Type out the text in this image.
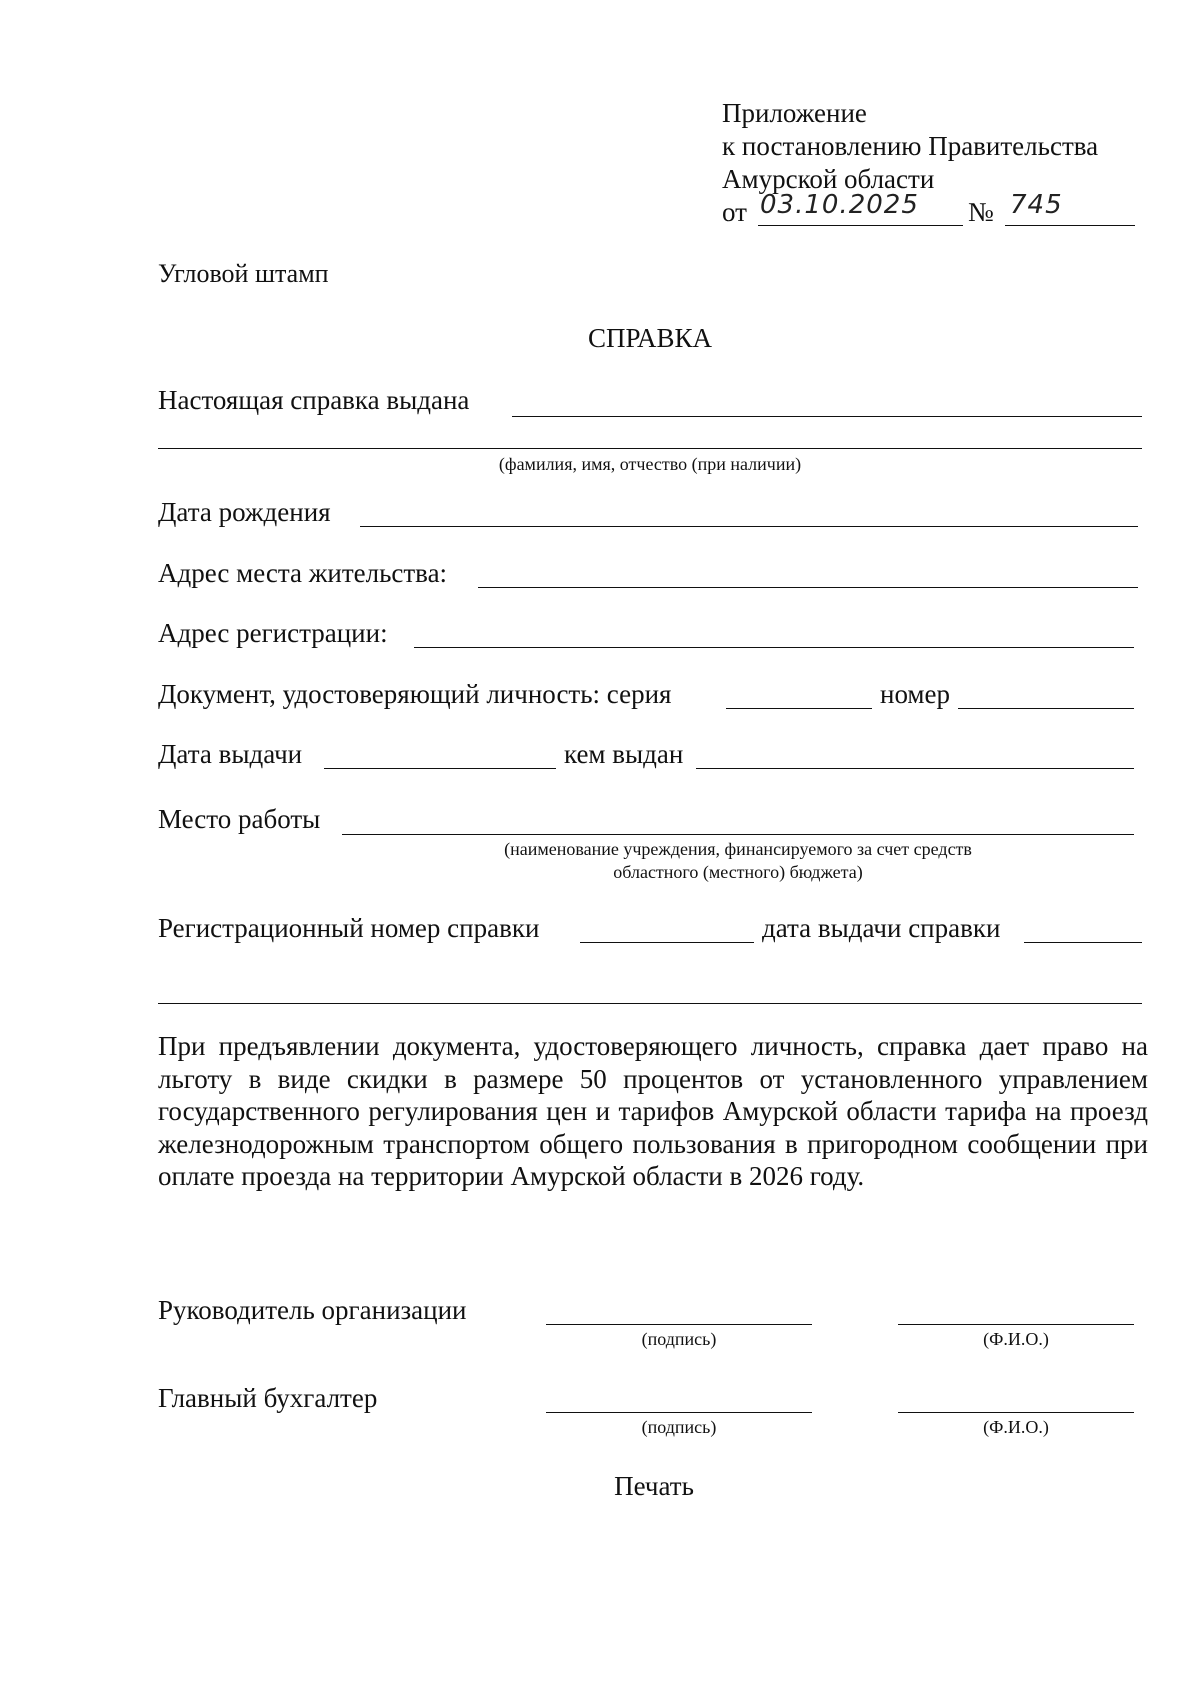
Приложение
к постановлению Правительства
Амурской области
от 03.10.2025 № 745
Угловой штамп
СПРАВКА
Настоящая справка выдана
(фамилия, имя, отчество (при наличии)
Дата рождения
Адрес места жительства:
Адрес регистрации:
Документ, удостоверяющий личность: серия	номер
Дата выдачи	кем выдан
Место работы
(наименование учреждения, финансируемого за счет средств
областного (местного) бюджета)
Регистрационный номер справки	дата выдачи справки
При предъявлении документа, удостоверяющего личность, справка дает право на льготу в виде скидки в размере 50 процентов от установленного управлением государственного регулирования цен и тарифов Амурской области тарифа на проезд железнодорожным транспортом общего пользования в пригородном сообщении при оплате проезда на территории Амурской области в 2026 году.
Руководитель организации
(подпись)	(Ф.И.О.)
Главный бухгалтер
(подпись)	(Ф.И.О.)
Печать
